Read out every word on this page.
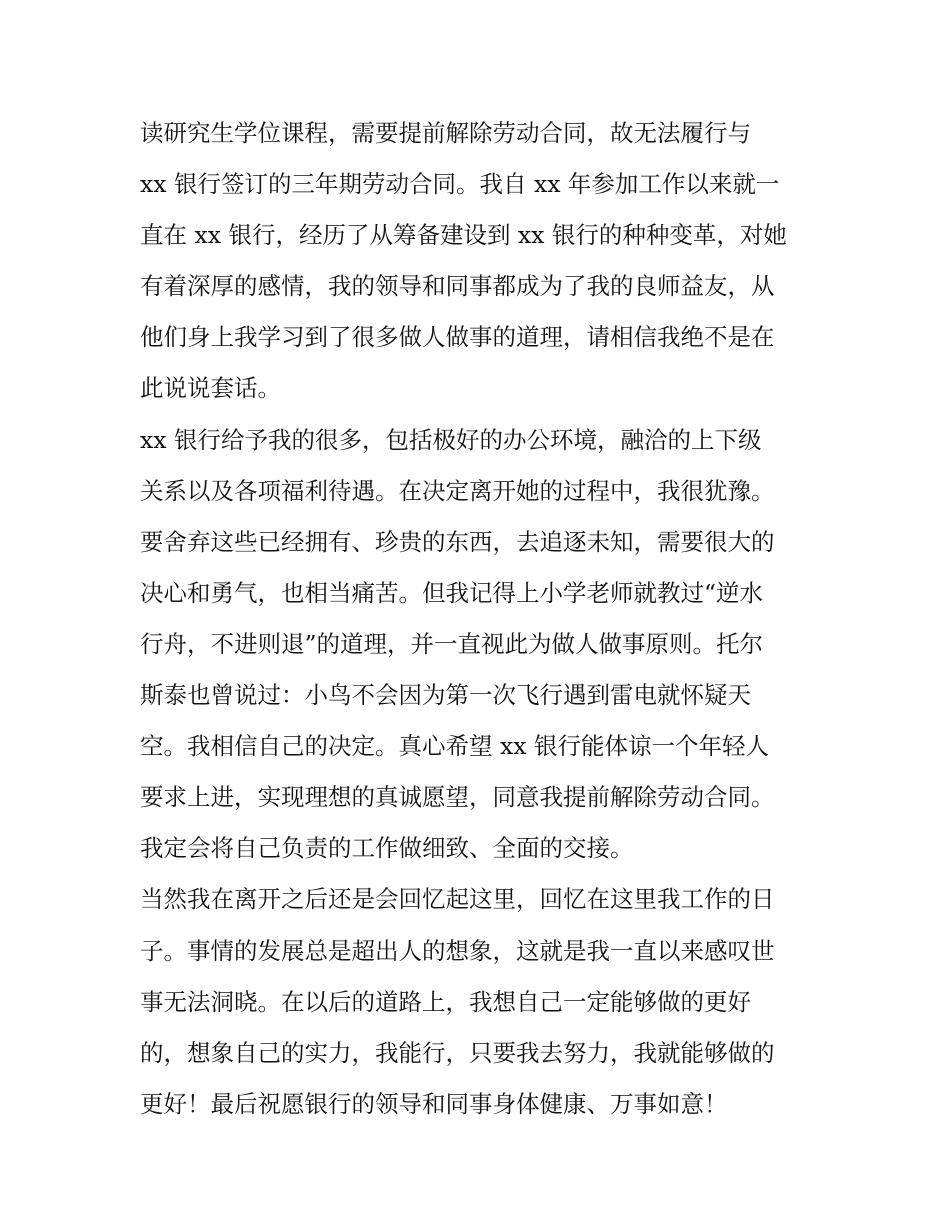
读研究生学位课程，需要提前解除劳动合同，故无法履行与

xx 银行签订的三年期劳动合同。我自 xx 年参加工作以来就一

直在 xx 银行，经历了从筹备建设到 xx 银行的种种变革，对她

有着深厚的感情，我的领导和同事都成为了我的良师益友，从

他们身上我学习到了很多做人做事的道理，请相信我绝不是在

此说说套话。

xx 银行给予我的很多，包括极好的办公环境，融洽的上下级

关系以及各项福利待遇。在决定离开她的过程中，我很犹豫。

要舍弃这些已经拥有、珍贵的东西，去追逐未知，需要很大的

决心和勇气，也相当痛苦。但我记得上小学老师就教过“逆水

行舟，不进则退”的道理，并一直视此为做人做事原则。托尔

斯泰也曾说过：小鸟不会因为第一次飞行遇到雷电就怀疑天

空。我相信自己的决定。真心希望 xx 银行能体谅一个年轻人

要求上进，实现理想的真诚愿望，同意我提前解除劳动合同。

我定会将自己负责的工作做细致、全面的交接。

当然我在离开之后还是会回忆起这里，回忆在这里我工作的日

子。事情的发展总是超出人的想象，这就是我一直以来感叹世

事无法洞晓。在以后的道路上，我想自己一定能够做的更好

的，想象自己的实力，我能行，只要我去努力，我就能够做的

更好！最后祝愿银行的领导和同事身体健康、万事如意！
